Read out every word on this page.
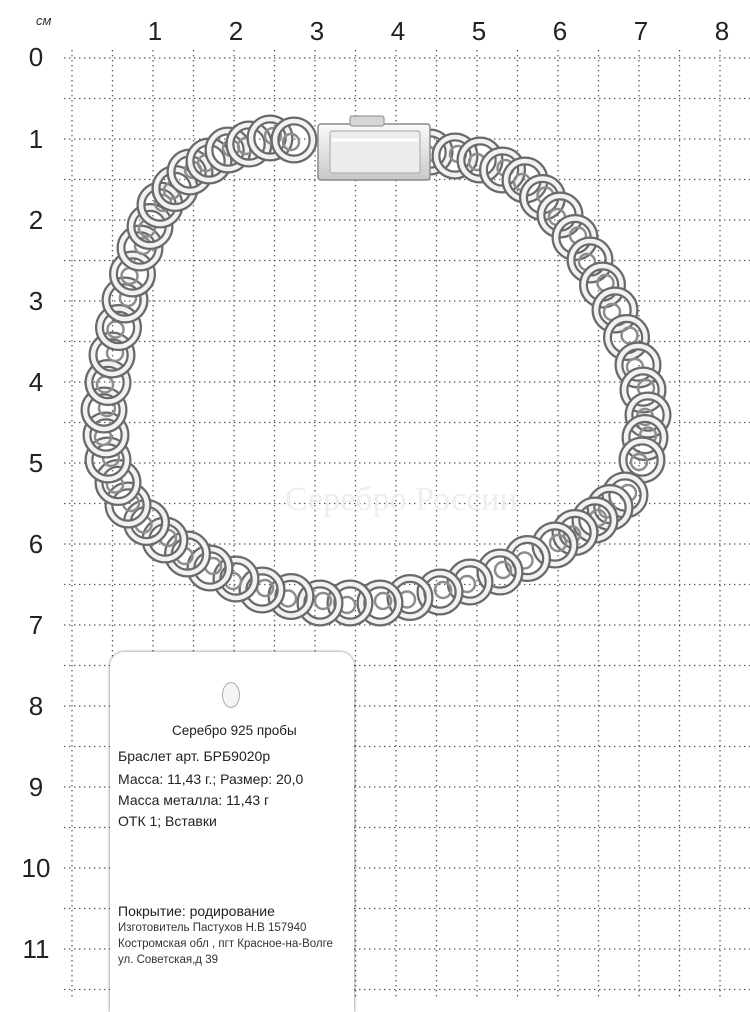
см	1	2	3	4	5	6	7	8
0
1
2
3
4
5
6
7
8
9
10
11
Серебро России
Серебро 925 пробы
Браслет арт. БРБ9020р
Масса: 11,43 г.; Размер: 20,0
Масса металла: 11,43 г
ОТК 1; Вставки
Покрытие: родирование
Изготовитель Пастухов Н.В 157940
Костромская обл , пгт Красное-на-Волге
ул. Советская,д 39
